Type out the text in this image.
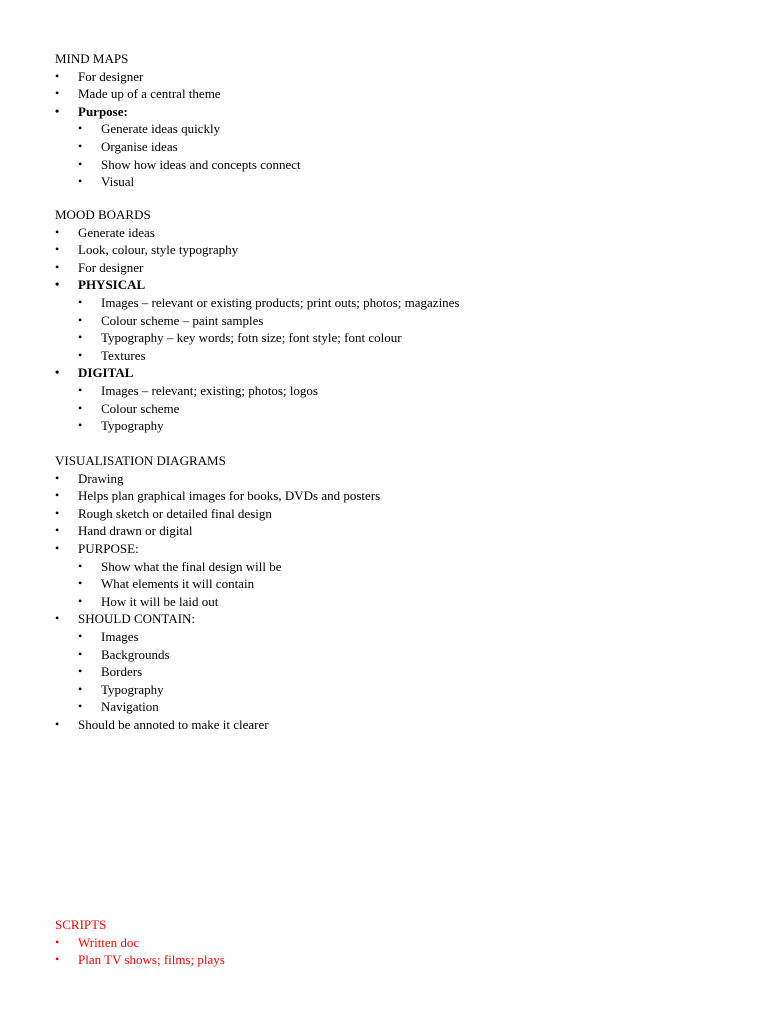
MIND MAPS
• For designer
• Made up of a central theme
• Purpose:
• Generate ideas quickly
• Organise ideas
• Show how ideas and concepts connect
• Visual
MOOD BOARDS
• Generate ideas
• Look, colour, style typography
• For designer
• PHYSICAL
• Images – relevant or existing products; print outs; photos; magazines
• Colour scheme – paint samples
• Typography – key words; fotn size; font style; font colour
• Textures
• DIGITAL
• Images – relevant; existing; photos; logos
• Colour scheme
• Typography
VISUALISATION DIAGRAMS
• Drawing
• Helps plan graphical images for books, DVDs and posters
• Rough sketch or detailed final design
• Hand drawn or digital
• PURPOSE:
• Show what the final design will be
• What elements it will contain
• How it will be laid out
• SHOULD CONTAIN:
• Images
• Backgrounds
• Borders
• Typography
• Navigation
• Should be annoted to make it clearer
SCRIPTS
• Written doc
• Plan TV shows; films; plays
